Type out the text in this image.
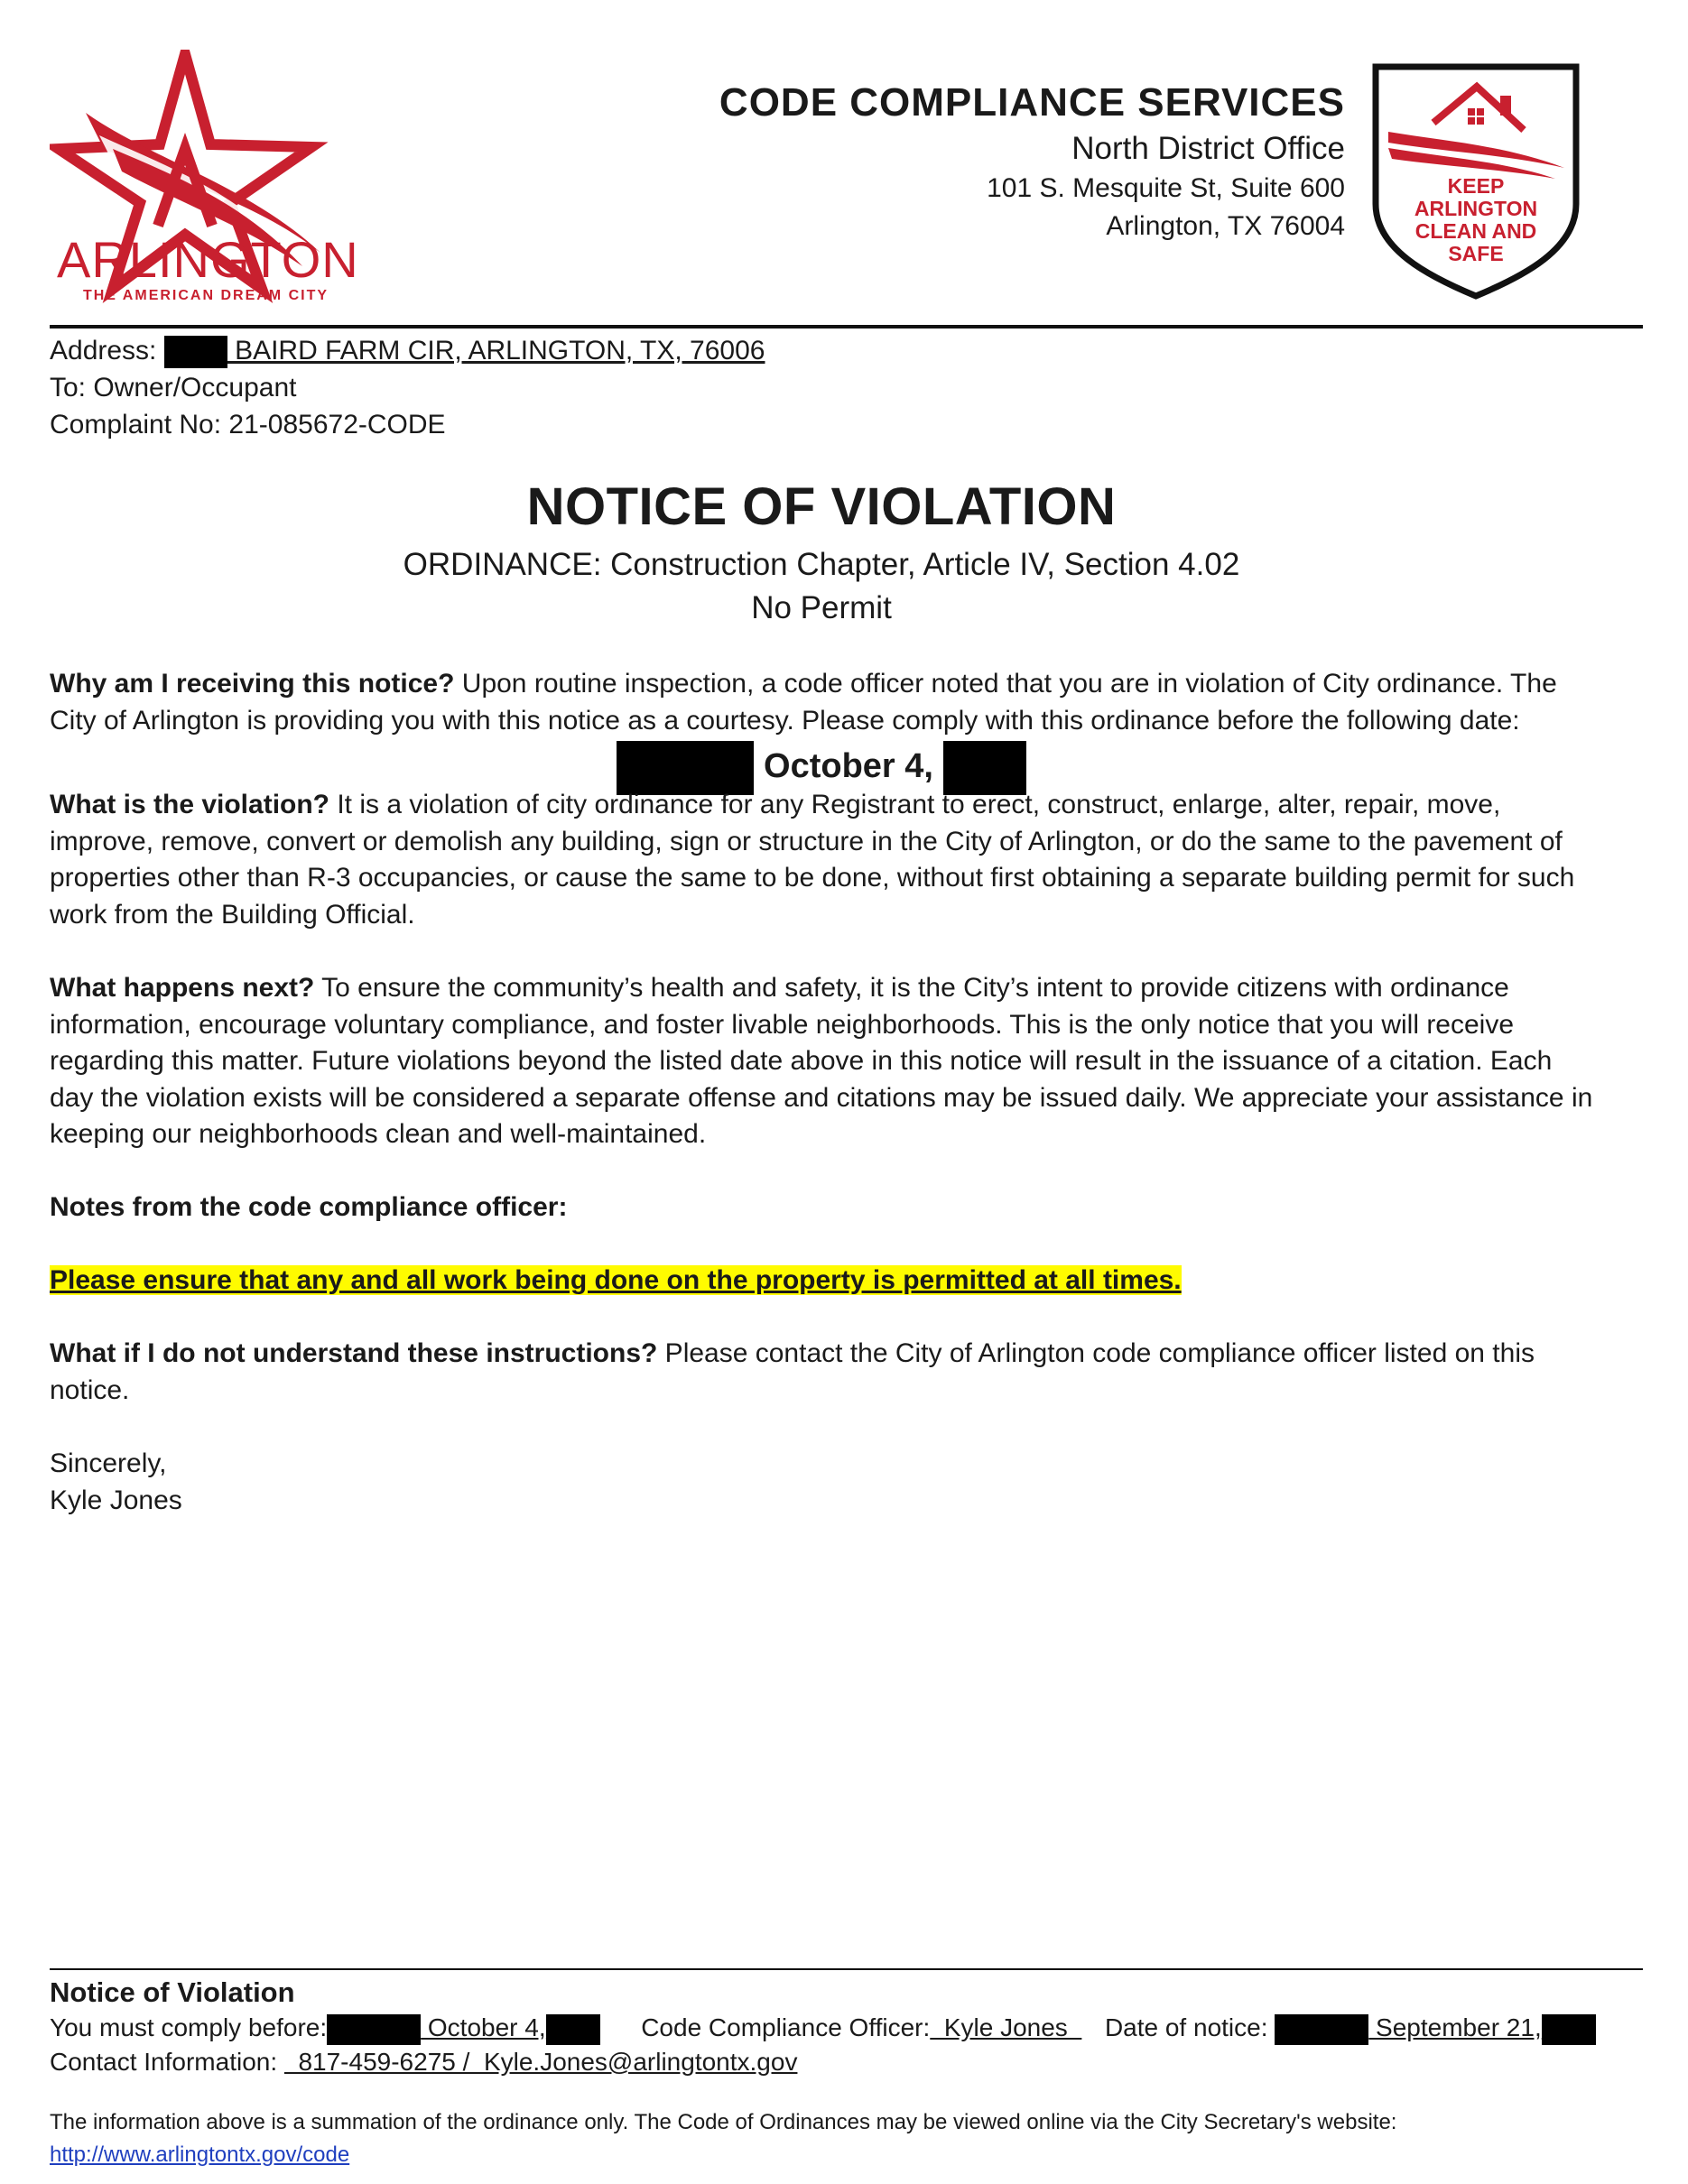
ARLINGTON
THE AMERICAN DREAM CITY
CODE COMPLIANCE SERVICES
North District Office
101 S. Mesquite St, Suite 600
Arlington, TX 76004
KEEP
ARLINGTON
CLEAN AND
SAFE
Address:	BAIRD FARM CIR, ARLINGTON, TX, 76006
To: Owner/Occupant
Complaint No: 21-085672-CODE
NOTICE OF VIOLATION
ORDINANCE: Construction Chapter, Article IV, Section 4.02
No Permit
Why am I receiving this notice? Upon routine inspection, a code officer noted that you are in violation of City ordinance. The City of Arlington is providing you with this notice as a courtesy. Please comply with this ordinance before the following date:
October 4,
What is the violation? It is a violation of city ordinance for any Registrant to erect, construct, enlarge, alter, repair, move, improve, remove, convert or demolish any building, sign or structure in the City of Arlington, or do the same to the pavement of properties other than R-3 occupancies, or cause the same to be done, without first obtaining a separate building permit for such work from the Building Official.
What happens next? To ensure the community’s health and safety, it is the City’s intent to provide citizens with ordinance information, encourage voluntary compliance, and foster livable neighborhoods. This is the only notice that you will receive regarding this matter. Future violations beyond the listed date above in this notice will result in the issuance of a citation. Each day the violation exists will be considered a separate offense and citations may be issued daily. We appreciate your assistance in keeping our neighborhoods clean and well-maintained.
Notes from the code compliance officer:
Please ensure that any and all work being done on the property is permitted at all times.
What if I do not understand these instructions? Please contact the City of Arlington code compliance officer listed on this notice.
Sincerely,
Kyle Jones
Notice of Violation
You must comply before:	October 4,	Code Compliance Officer:  Kyle Jones    Date of notice:	September 21,
Contact Information:   817-459-6275 /  Kyle.Jones@arlingtontx.gov
The information above is a summation of the ordinance only. The Code of Ordinances may be viewed online via the City Secretary's website:
http://www.arlingtontx.gov/code
